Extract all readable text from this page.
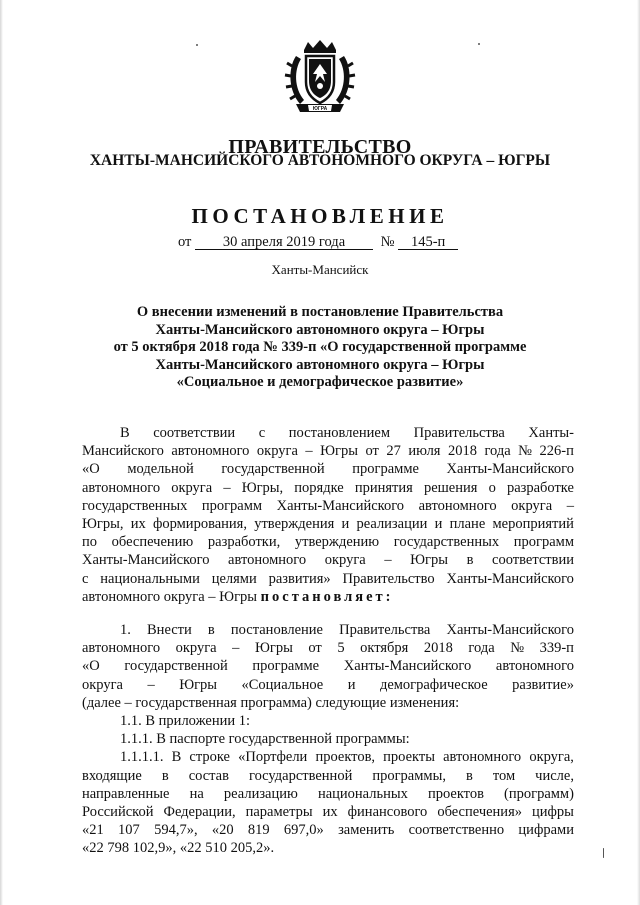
ЮГРА
ПРАВИТЕЛЬСТВО
ХАНТЫ-МАНСИЙСКОГО АВТОНОМНОГО ОКРУГА – ЮГРЫ
ПОСТАНОВЛЕНИЕ
от 30 апреля 2019 года № 145-п
Ханты-Мансийск
О внесении изменений в постановление Правительства
Ханты-Мансийского автономного округа – Югры
от 5 октября 2018 года № 339-п «О государственной программе
Ханты-Мансийского автономного округа – Югры
«Социальное и демографическое развитие»
В соответствии с постановлением Правительства Ханты-
Мансийского автономного округа – Югры от 27 июля 2018 года № 226-п
«О модельной государственной программе Ханты-Мансийского
автономного округа – Югры, порядке принятия решения о разработке
государственных программ Ханты-Мансийского автономного округа –
Югры, их формирования, утверждения и реализации и плане мероприятий
по обеспечению разработки, утверждению государственных программ
Ханты-Мансийского автономного округа – Югры в соответствии
с национальными целями развития» Правительство Ханты-Мансийского
автономного округа – Югры постановляет:
1. Внести в постановление Правительства Ханты-Мансийского
автономного округа – Югры от 5 октября 2018 года № 339-п
«О государственной программе Ханты-Мансийского автономного
округа – Югры «Социальное и демографическое развитие»
(далее – государственная программа) следующие изменения:
1.1. В приложении 1:
1.1.1. В паспорте государственной программы:
1.1.1.1. В строке «Портфели проектов, проекты автономного округа,
входящие в состав государственной программы, в том числе,
направленные на реализацию национальных проектов (программ)
Российской Федерации, параметры их финансового обеспечения» цифры
«21 107 594,7», «20 819 697,0» заменить соответственно цифрами
«22 798 102,9», «22 510 205,2».
